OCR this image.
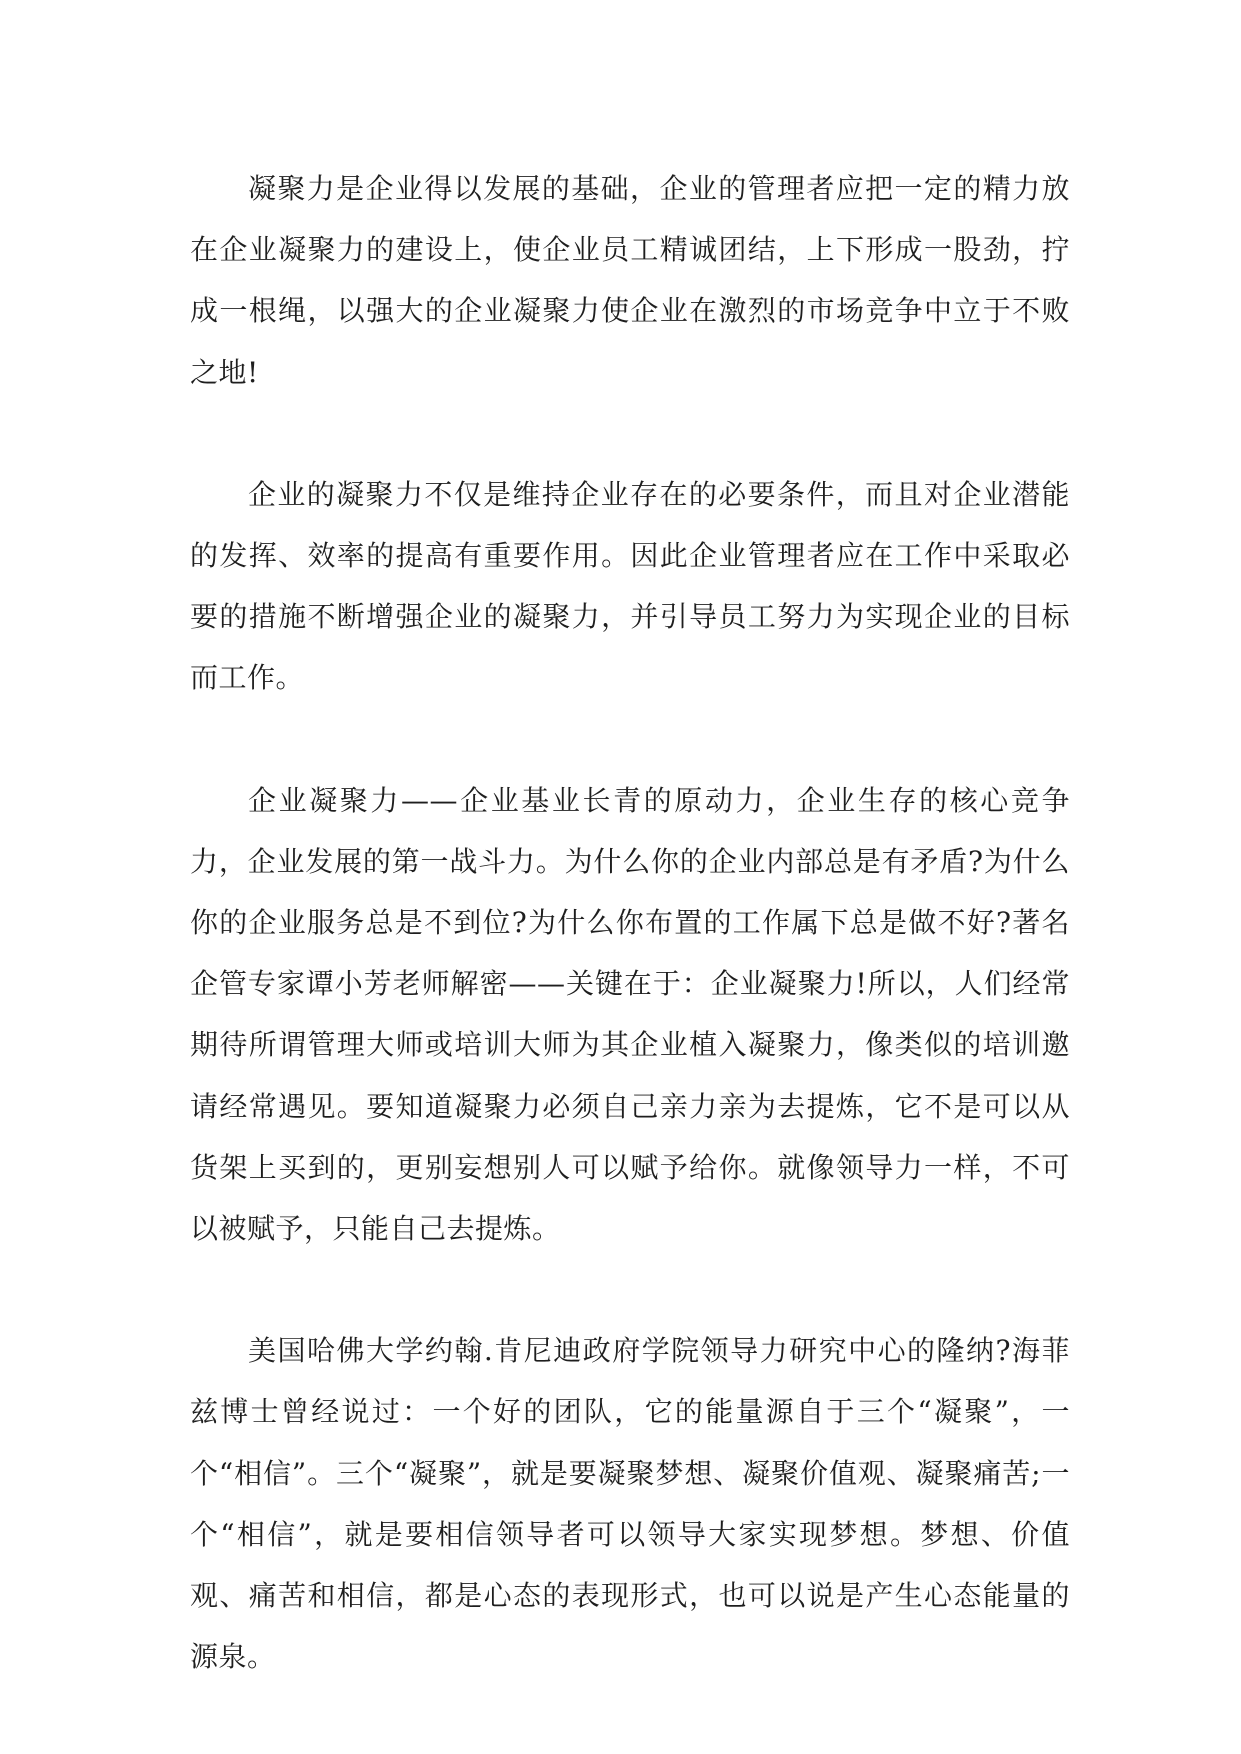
凝聚力是企业得以发展的基础，企业的管理者应把一定的精力放在企业凝聚力的建设上，使企业员工精诚团结，上下形成一股劲，拧成一根绳，以强大的企业凝聚力使企业在激烈的市场竞争中立于不败之地!

企业的凝聚力不仅是维持企业存在的必要条件，而且对企业潜能的发挥、效率的提高有重要作用。因此企业管理者应在工作中采取必要的措施不断增强企业的凝聚力，并引导员工努力为实现企业的目标而工作。

企业凝聚力——企业基业长青的原动力，企业生存的核心竞争力，企业发展的第一战斗力。为什么你的企业内部总是有矛盾?为什么你的企业服务总是不到位?为什么你布置的工作属下总是做不好?著名企管专家谭小芳老师解密——关键在于：企业凝聚力!所以，人们经常期待所谓管理大师或培训大师为其企业植入凝聚力，像类似的培训邀请经常遇见。要知道凝聚力必须自己亲力亲为去提炼，它不是可以从货架上买到的，更别妄想别人可以赋予给你。就像领导力一样，不可以被赋予，只能自己去提炼。

美国哈佛大学约翰.肯尼迪政府学院领导力研究中心的隆纳?海菲兹博士曾经说过：一个好的团队，它的能量源自于三个“凝聚”，一个“相信”。三个“凝聚”，就是要凝聚梦想、凝聚价值观、凝聚痛苦;一个“相信”，就是要相信领导者可以领导大家实现梦想。梦想、价值观、痛苦和相信，都是心态的表现形式，也可以说是产生心态能量的源泉。
